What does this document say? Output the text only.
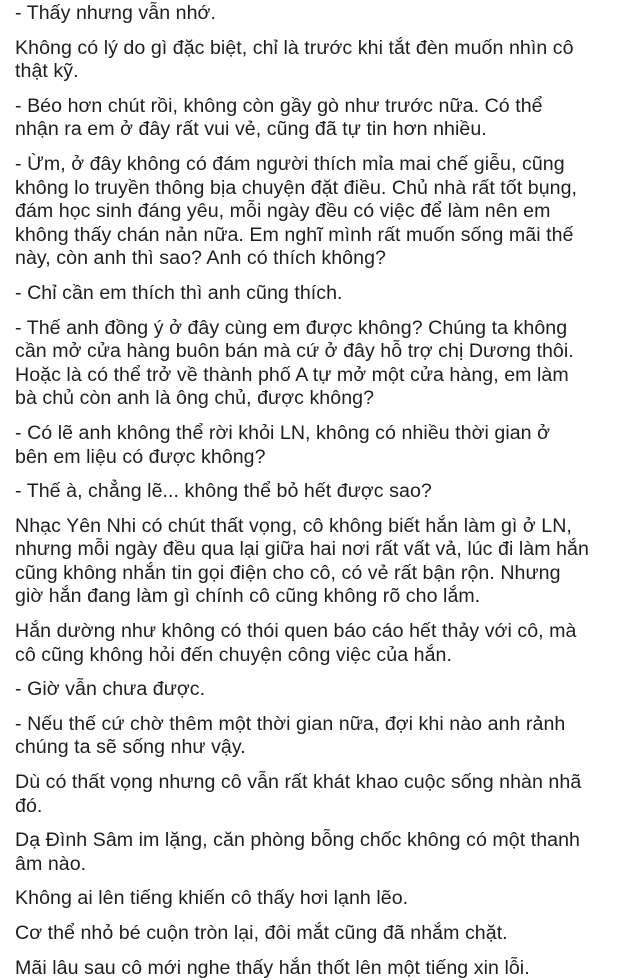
- Thấy nhưng vẫn nhớ.

Không có lý do gì đặc biệt, chỉ là trước khi tắt đèn muốn nhìn cô
thật kỹ.

- Béo hơn chút rồi, không còn gầy gò như trước nữa. Có thể
nhận ra em ở đây rất vui vẻ, cũng đã tự tin hơn nhiều.

- Ừm, ở đây không có đám người thích mỉa mai chế giễu, cũng
không lo truyền thông bịa chuyện đặt điều. Chủ nhà rất tốt bụng,
đám học sinh đáng yêu, mỗi ngày đều có việc để làm nên em
không thấy chán nản nữa. Em nghĩ mình rất muốn sống mãi thế
này, còn anh thì sao? Anh có thích không?

- Chỉ cần em thích thì anh cũng thích.

- Thế anh đồng ý ở đây cùng em được không? Chúng ta không
cần mở cửa hàng buôn bán mà cứ ở đây hỗ trợ chị Dương thôi.
Hoặc là có thể trở về thành phố A tự mở một cửa hàng, em làm
bà chủ còn anh là ông chủ, được không?

- Có lẽ anh không thể rời khỏi LN, không có nhiều thời gian ở
bên em liệu có được không?

- Thế à, chẳng lẽ... không thể bỏ hết được sao?

Nhạc Yên Nhi có chút thất vọng, cô không biết hắn làm gì ở LN,
nhưng mỗi ngày đều qua lại giữa hai nơi rất vất vả, lúc đi làm hắn
cũng không nhắn tin gọi điện cho cô, có vẻ rất bận rộn. Nhưng
giờ hắn đang làm gì chính cô cũng không rõ cho lắm.

Hắn dường như không có thói quen báo cáo hết thảy với cô, mà
cô cũng không hỏi đến chuyện công việc của hắn.

- Giờ vẫn chưa được.

- Nếu thế cứ chờ thêm một thời gian nữa, đợi khi nào anh rảnh
chúng ta sẽ sống như vậy.

Dù có thất vọng nhưng cô vẫn rất khát khao cuộc sống nhàn nhã
đó.

Dạ Đình Sâm im lặng, căn phòng bỗng chốc không có một thanh
âm nào.

Không ai lên tiếng khiến cô thấy hơi lạnh lẽo.

Cơ thể nhỏ bé cuộn tròn lại, đôi mắt cũng đã nhắm chặt.

Mãi lâu sau cô mới nghe thấy hắn thốt lên một tiếng xin lỗi.
